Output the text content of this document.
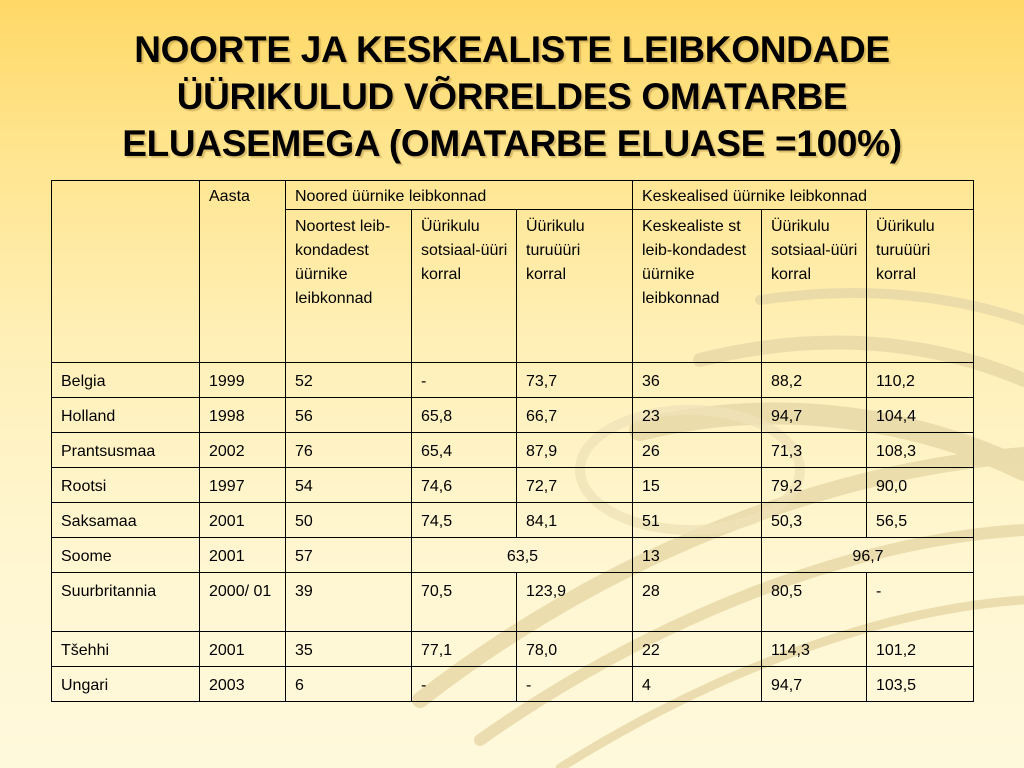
NOORTE JA KESKEALISTE LEIBKONDADE
ÜÜRIKULUD VÕRRELDES OMATARBE
ELUASEMEGA (OMATARBE ELUASE =100%)
	Aasta	Noored üürnike leibkonnad			Keskealised üürnike leibkonnad		
		Noortest leib-kondadest üürnike leibkonnad	Üürikulu sotsiaal-üüri korral	Üürikulu turuüüri korral	Keskealiste st leib-kondadest üürnike leibkonnad	Üürikulu sotsiaal-üüri korral	Üürikulu turuüüri korral
Belgia	1999	52	-	73,7	36	88,2	110,2
Holland	1998	56	65,8	66,7	23	94,7	104,4
Prantsusmaa	2002	76	65,4	87,9	26	71,3	108,3
Rootsi	1997	54	74,6	72,7	15	79,2	90,0
Saksamaa	2001	50	74,5	84,1	51	50,3	56,5
Soome	2001	57	63,5		13	96,7	
Suurbritannia	2000/ 01	39	70,5	123,9	28	80,5	-
Tšehhi	2001	35	77,1	78,0	22	114,3	101,2
Ungari	2003	6	-	-	4	94,7	103,5
